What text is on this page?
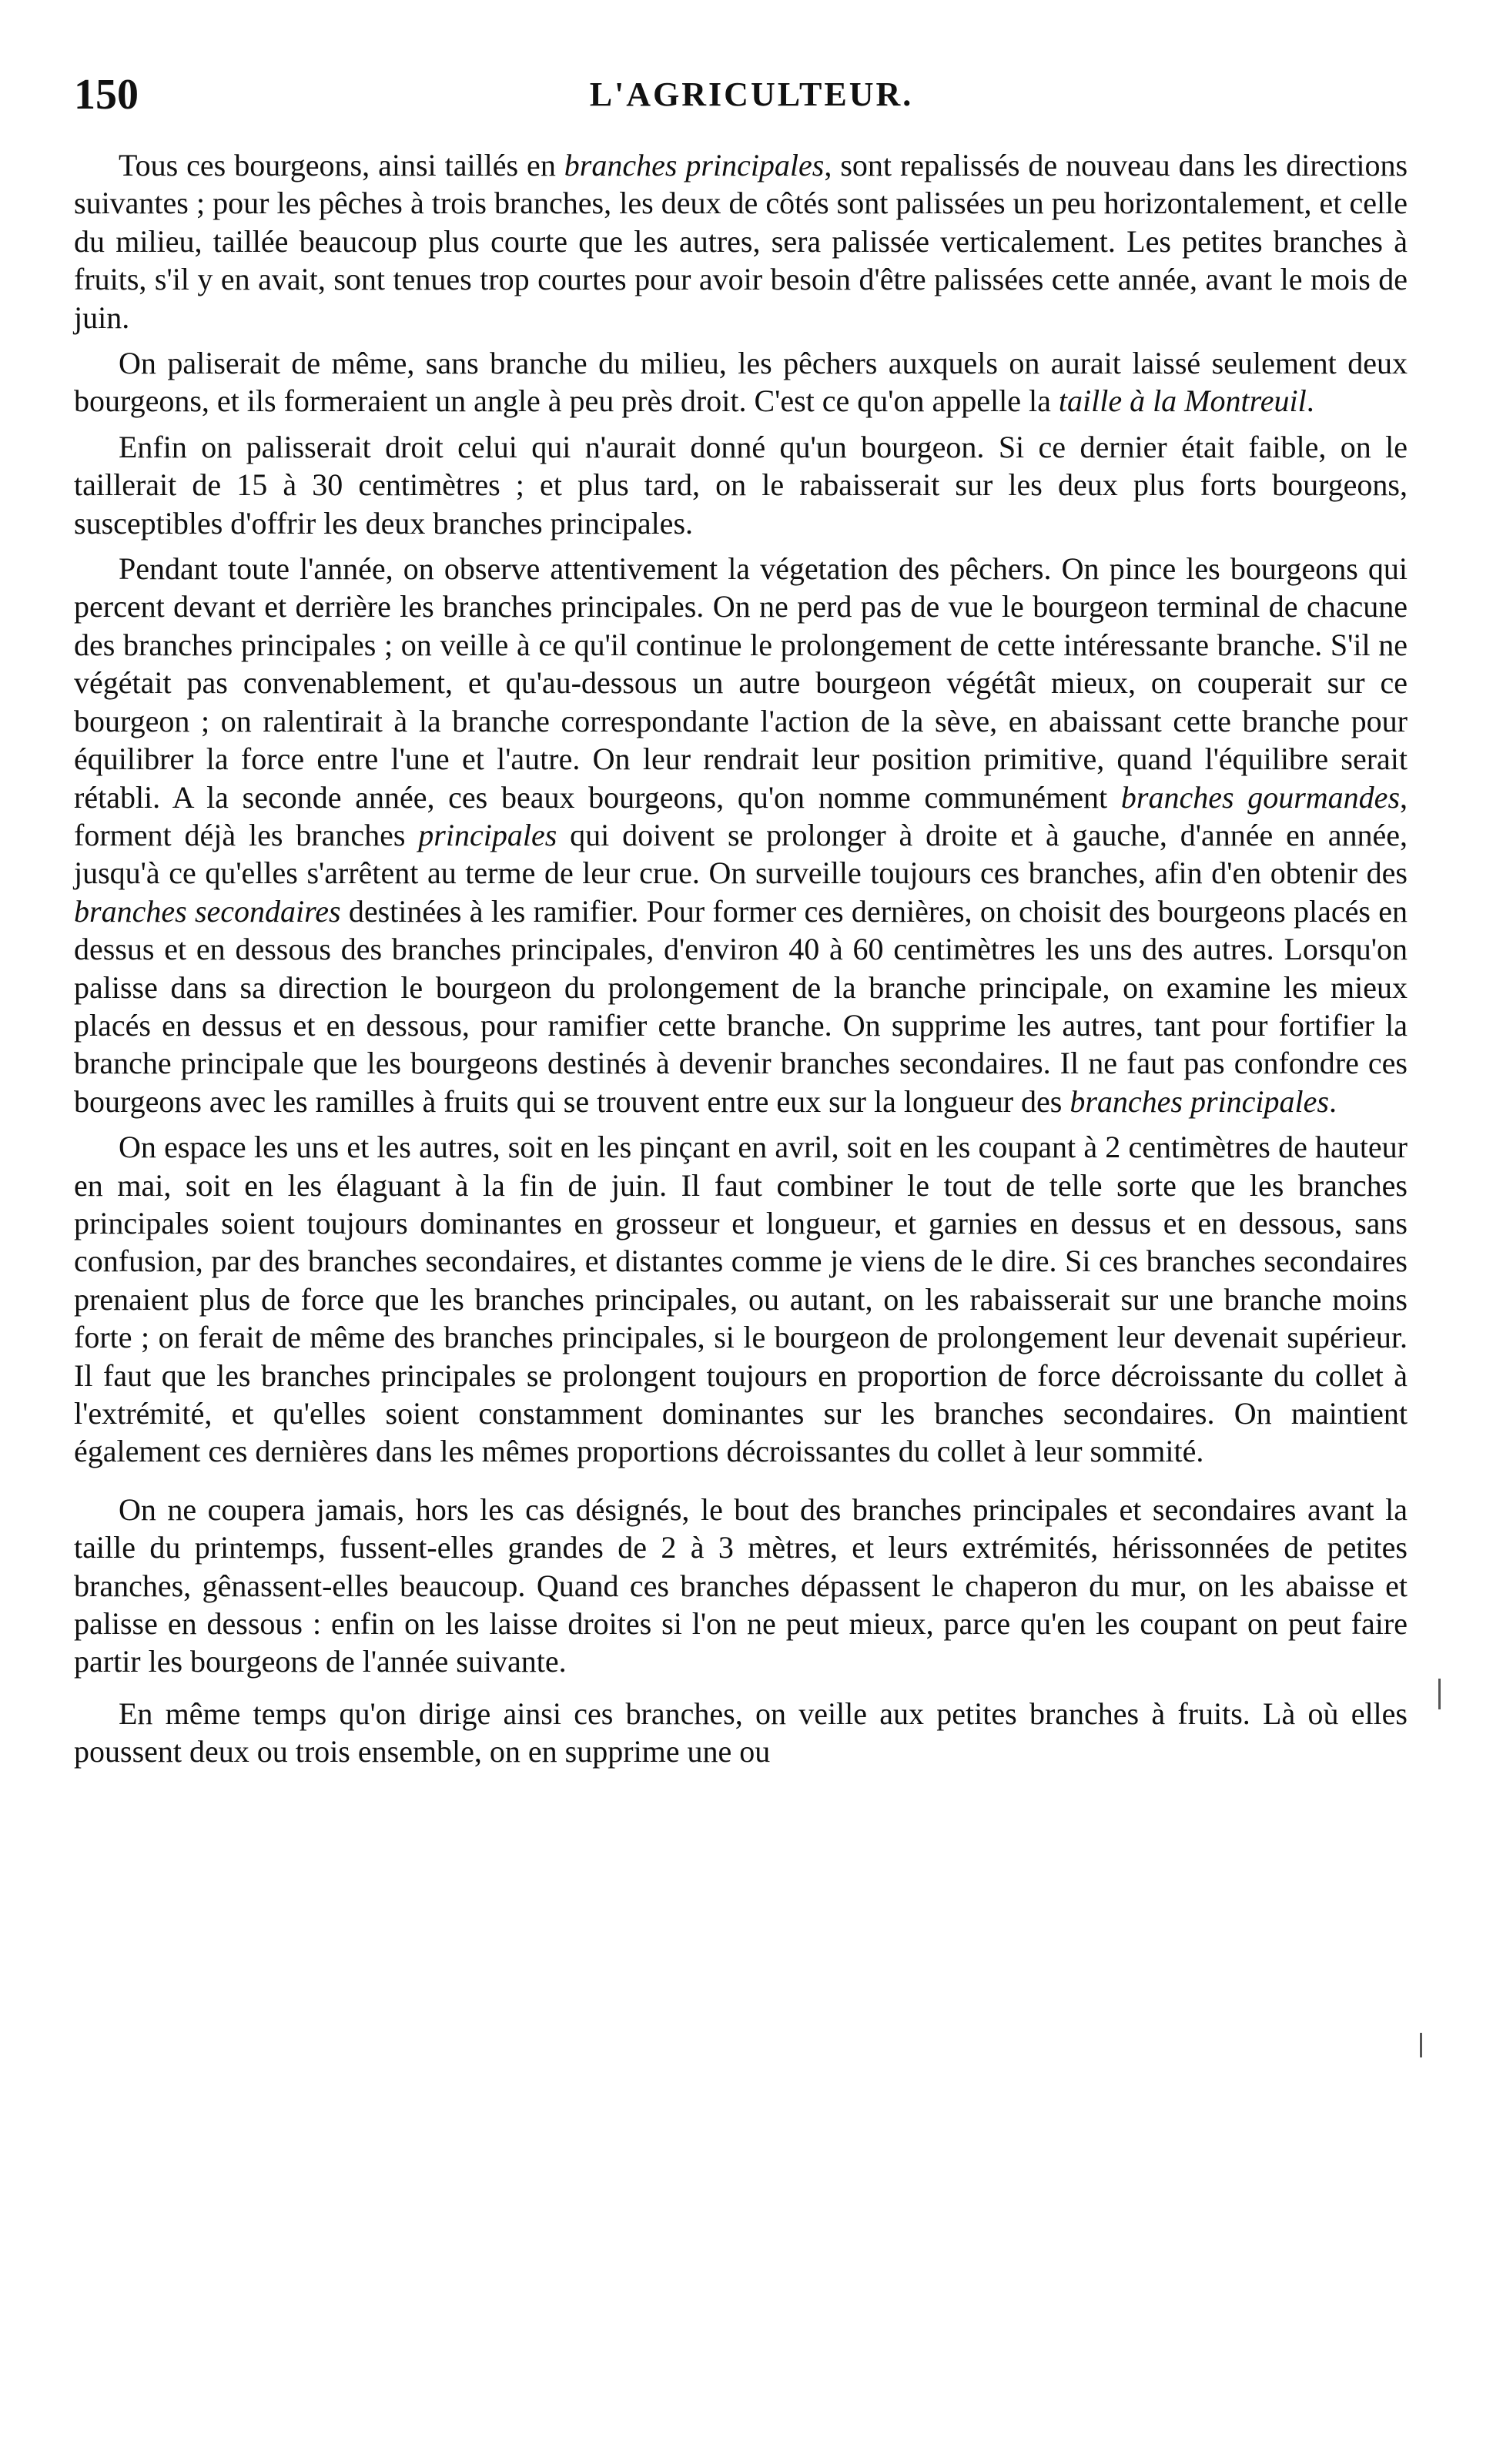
150	L'AGRICULTEUR.

Tous ces bourgeons, ainsi taillés en branches principales, sont repalissés de nouveau dans les directions suivantes ; pour les pêches à trois branches, les deux de côtés sont palissées un peu horizontalement, et celle du milieu, taillée beaucoup plus courte que les autres, sera palissée verticalement. Les petites branches à fruits, s'il y en avait, sont tenues trop courtes pour avoir besoin d'être palissées cette année, avant le mois de juin.

On paliserait de même, sans branche du milieu, les pêchers auxquels on aurait laissé seulement deux bourgeons, et ils formeraient un angle à peu près droit. C'est ce qu'on appelle la taille à la Montreuil.

Enfin on palisserait droit celui qui n'aurait donné qu'un bourgeon. Si ce dernier était faible, on le taillerait de 15 à 30 centimètres ; et plus tard, on le rabaisserait sur les deux plus forts bourgeons, susceptibles d'offrir les deux branches principales.

Pendant toute l'année, on observe attentivement la végetation des pêchers. On pince les bourgeons qui percent devant et derrière les branches principales. On ne perd pas de vue le bourgeon terminal de chacune des branches principales ; on veille à ce qu'il continue le prolongement de cette intéressante branche. S'il ne végétait pas convenablement, et qu'au-dessous un autre bourgeon végétât mieux, on couperait sur ce bourgeon ; on ralentirait à la branche correspondante l'action de la sève, en abaissant cette branche pour équilibrer la force entre l'une et l'autre. On leur rendrait leur position primitive, quand l'équilibre serait rétabli. A la seconde année, ces beaux bourgeons, qu'on nomme communément branches gourmandes, forment déjà les branches principales qui doivent se prolonger à droite et à gauche, d'année en année, jusqu'à ce qu'elles s'arrêtent au terme de leur crue. On surveille toujours ces branches, afin d'en obtenir des branches secondaires destinées à les ramifier. Pour former ces dernières, on choisit des bourgeons placés en dessus et en dessous des branches principales, d'environ 40 à 60 centimètres les uns des autres. Lorsqu'on palisse dans sa direction le bourgeon du prolongement de la branche principale, on examine les mieux placés en dessus et en dessous, pour ramifier cette branche. On supprime les autres, tant pour fortifier la branche principale que les bourgeons destinés à devenir branches secondaires. Il ne faut pas confondre ces bourgeons avec les ramilles à fruits qui se trouvent entre eux sur la longueur des branches principales.

On espace les uns et les autres, soit en les pinçant en avril, soit en les coupant à 2 centimètres de hauteur en mai, soit en les élaguant à la fin de juin. Il faut combiner le tout de telle sorte que les branches principales soient toujours dominantes en grosseur et longueur, et garnies en dessus et en dessous, sans confusion, par des branches secondaires, et distantes comme je viens de le dire. Si ces branches secondaires prenaient plus de force que les branches principales, ou autant, on les rabaisserait sur une branche moins forte ; on ferait de même des branches principales, si le bourgeon de prolongement leur devenait supérieur. Il faut que les branches principales se prolongent toujours en proportion de force décroissante du collet à l'extrémité, et qu'elles soient constamment dominantes sur les branches secondaires. On maintient également ces dernières dans les mêmes proportions décroissantes du collet à leur sommité.

On ne coupera jamais, hors les cas désignés, le bout des branches principales et secondaires avant la taille du printemps, fussent-elles grandes de 2 à 3 mètres, et leurs extrémités, hérissonnées de petites branches, gênassent-elles beaucoup. Quand ces branches dépassent le chaperon du mur, on les abaisse et palisse en dessous : enfin on les laisse droites si l'on ne peut mieux, parce qu'en les coupant on peut faire partir les bourgeons de l'année suivante.

En même temps qu'on dirige ainsi ces branches, on veille aux petites branches à fruits. Là où elles poussent deux ou trois ensemble, on en supprime une ou
